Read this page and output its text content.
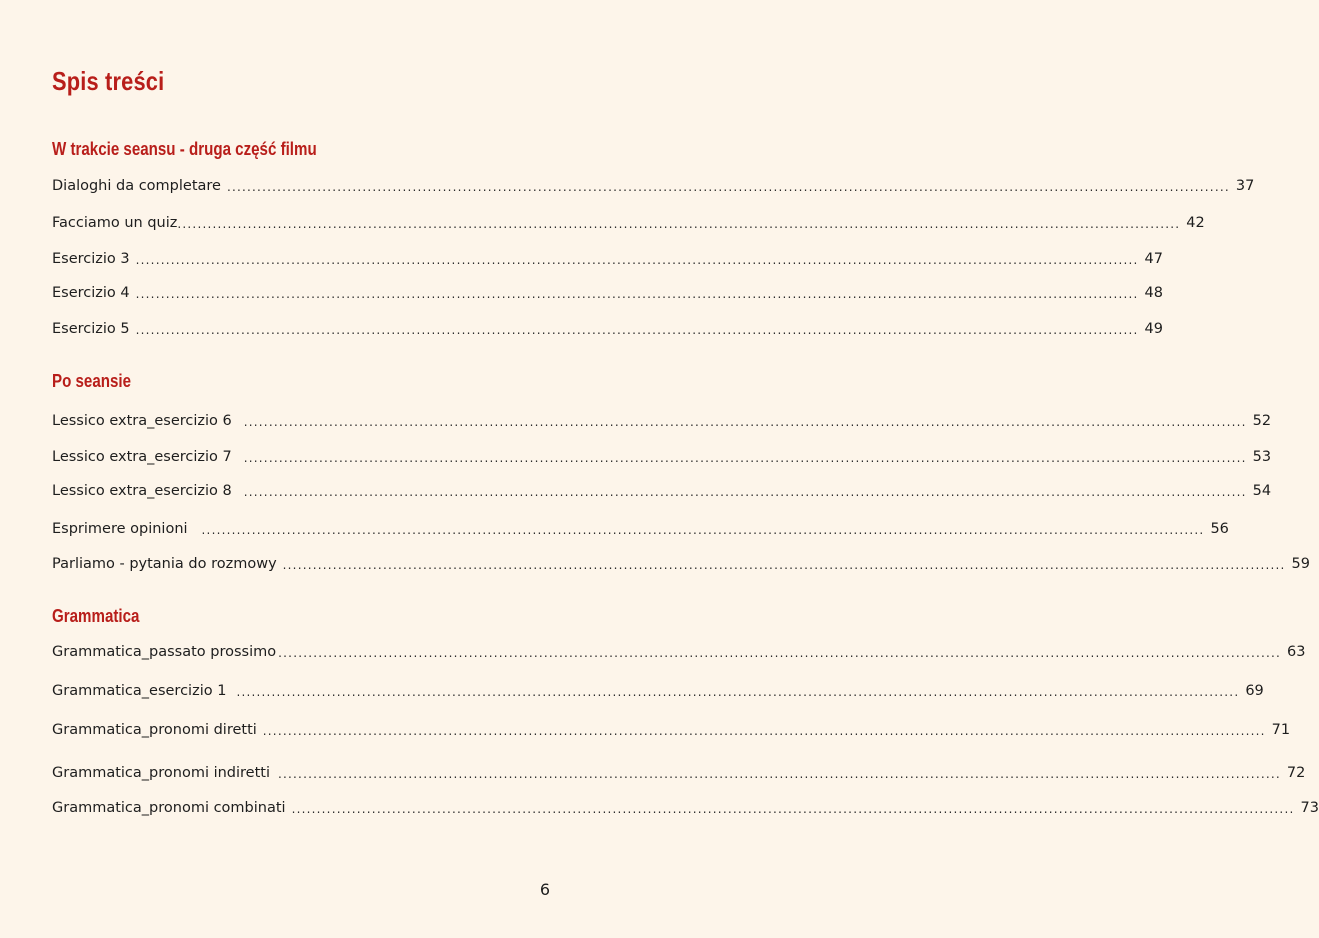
Spis treści
W trakcie seansu - druga część filmu
Dialoghi da completare ........................................................................................................................................................................................................ 37
Facciamo un quiz ........................................................................................................................................................................................................ 42
Esercizio 3 ........................................................................................................................................................................................................ 47
Esercizio 4 ........................................................................................................................................................................................................ 48
Esercizio 5 ........................................................................................................................................................................................................ 49
Po seansie
Lessico extra_esercizio 6 ........................................................................................................................................................................................................ 52
Lessico extra_esercizio 7 ........................................................................................................................................................................................................ 53
Lessico extra_esercizio 8 ........................................................................................................................................................................................................ 54
Esprimere opinioni ........................................................................................................................................................................................................ 56
Parliamo - pytania do rozmowy ........................................................................................................................................................................................................ 59
Grammatica
Grammatica_passato prossimo ........................................................................................................................................................................................................ 63
Grammatica_esercizio 1 ........................................................................................................................................................................................................ 69
Grammatica_pronomi diretti ........................................................................................................................................................................................................ 71
Grammatica_pronomi indiretti ........................................................................................................................................................................................................ 72
Grammatica_pronomi combinati ........................................................................................................................................................................................................ 73
6
